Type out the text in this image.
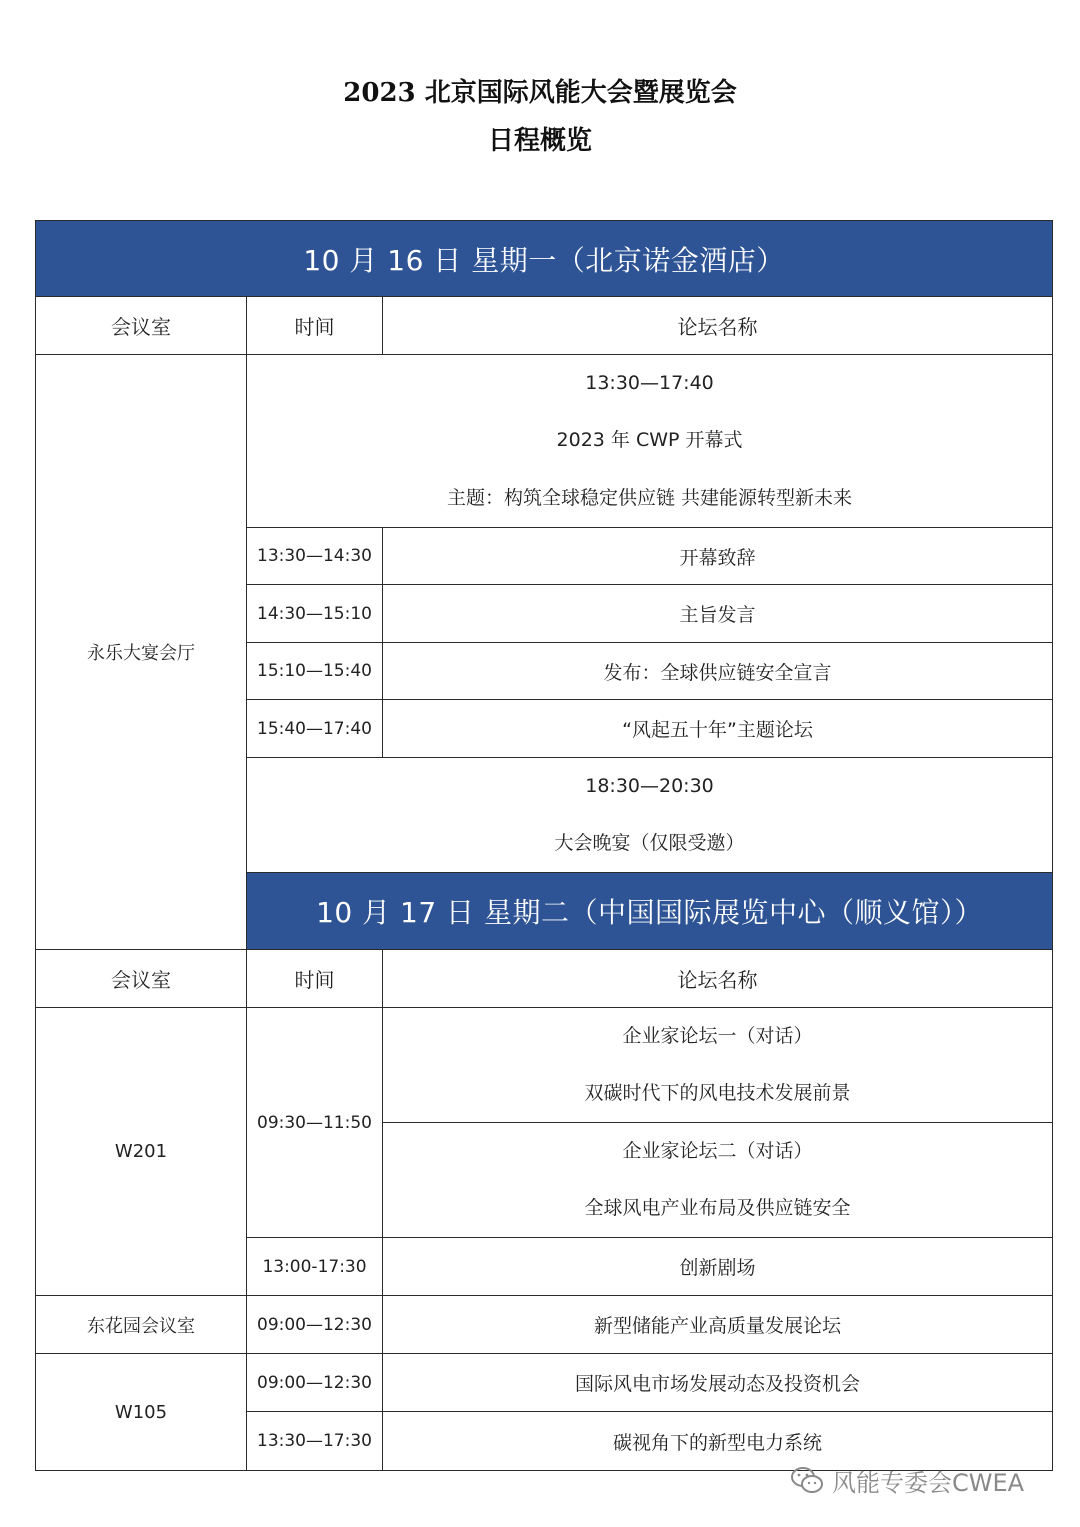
2023 北京国际风能大会暨展览会
日程概览
10 月 16 日 星期一（北京诺金酒店）		
会议室	时间	论坛名称
永乐大宴会厅	13:30—17:40
2023 年 CWP 开幕式
主题：构筑全球稳定供应链 共建能源转型新未来	

	13:30—14:30	开幕致辞
	14:30—15:10	主旨发言
	15:10—15:40	发布：全球供应链安全宣言
	15:40—17:40	“风起五十年”主题论坛

	18:30—20:30
大会晚宴（仅限受邀）	

	10 月 17 日 星期二（中国国际展览中心（顺义馆））	
会议室	时间	论坛名称
W201	09:30—11:50	企业家论坛一（对话）
双碳时代下的风电技术发展前景

		企业家论坛二（对话）
全球风电产业布局及供应链安全

	13:00-17:30	创新剧场
东花园会议室	09:00—12:30	新型储能产业高质量发展论坛
W105	09:00—12:30	国际风电市场发展动态及投资机会
	13:30—17:30	碳视角下的新型电力系统
风能专委会CWEA
